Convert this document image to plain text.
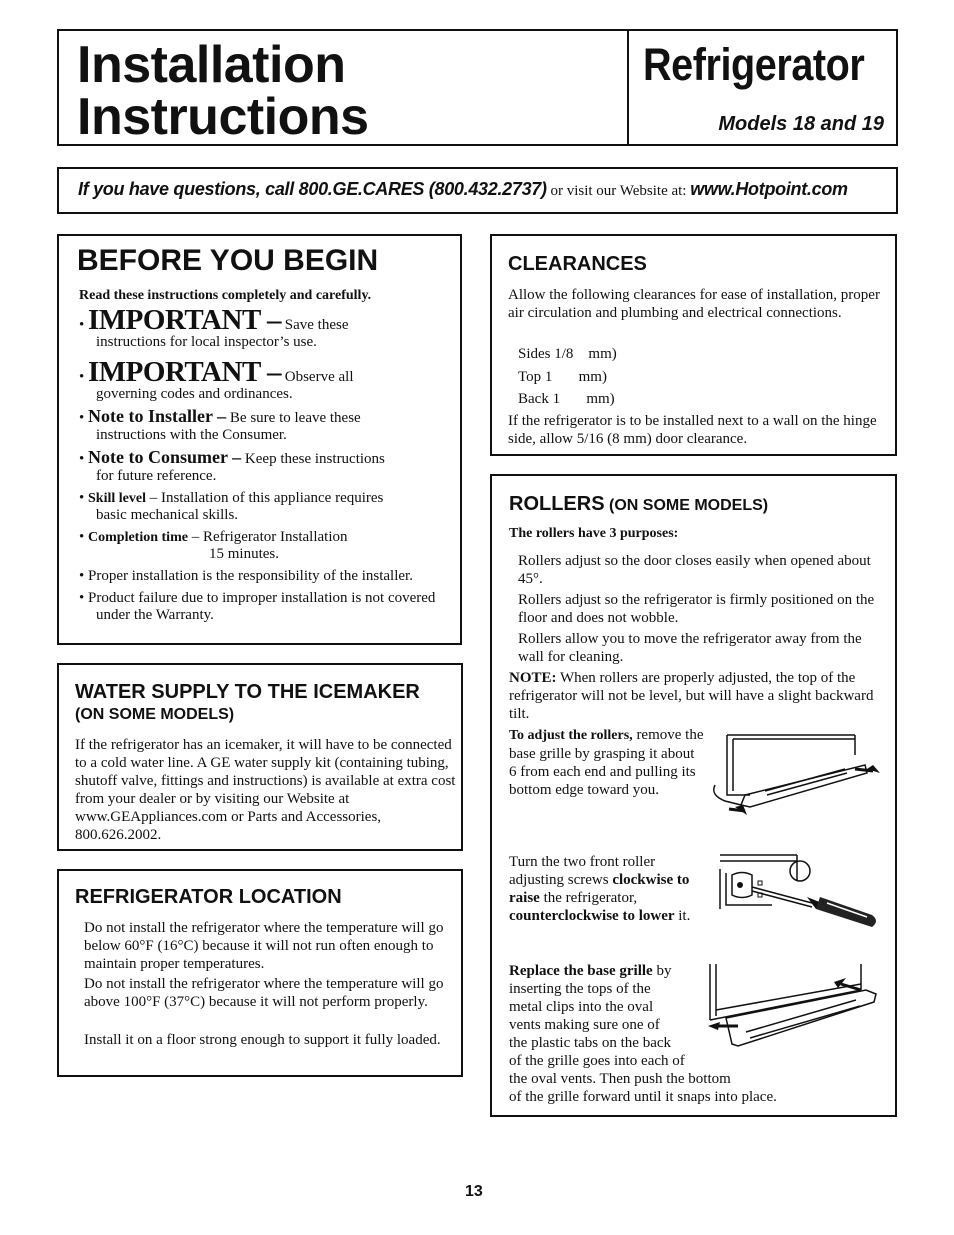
Installation
Instructions
Refrigerator
Models 18 and 19
If you have questions, call 800.GE.CARES (800.432.2737) or visit our Website at: www.Hotpoint.com
BEFORE YOU BEGIN
Read these instructions completely and carefully.
• IMPORTANT – Save these
instructions for local inspector’s use.
• IMPORTANT – Observe all
governing codes and ordinances.
• Note to Installer – Be sure to leave these
instructions with the Consumer.
• Note to Consumer – Keep these instructions
for future reference.
• Skill level – Installation of this appliance requires
basic mechanical skills.
• Completion time – Refrigerator Installation
15 minutes.
• Proper installation is the responsibility of the installer.
• Product failure due to improper installation is not covered under the Warranty.
WATER SUPPLY TO THE ICEMAKER
(ON SOME MODELS)
If the refrigerator has an icemaker, it will have to be connected to a cold water line. A GE water supply kit (containing tubing, shutoff valve, fittings and instructions) is available at extra cost from your dealer or by visiting our Website at www.GEAppliances.com or Parts and Accessories, 800.626.2002.
REFRIGERATOR LOCATION
Do not install the refrigerator where the temperature will go below 60°F (16°C) because it will not run often enough to maintain proper temperatures.
Do not install the refrigerator where the temperature will go above 100°F (37°C) because it will not perform properly.
Install it on a floor strong enough to support it fully loaded.
CLEARANCES
Allow the following clearances for ease of installation, proper air circulation and plumbing and electrical connections.
Sides 1/8    mm)
Top 1       mm)
Back 1       mm)
If the refrigerator is to be installed next to a wall on the hinge side, allow 5/16 (8 mm) door clearance.
ROLLERS (ON SOME MODELS)
The rollers have 3 purposes:
Rollers adjust so the door closes easily when opened about 45°.
Rollers adjust so the refrigerator is firmly positioned on the floor and does not wobble.
Rollers allow you to move the refrigerator away from the wall for cleaning.
NOTE: When rollers are properly adjusted, the top of the refrigerator will not be level, but will have a slight backward tilt.
To adjust the rollers, remove the base grille by grasping it about 6 from each end and pulling its bottom edge toward you.
Turn the two front roller adjusting screws clockwise to raise the refrigerator, counterclockwise to lower it.
Replace the base grille by
inserting the tops of the
metal clips into the oval
vents making sure one of
the plastic tabs on the back
of the grille goes into each of
the oval vents. Then push the bottom
of the grille forward until it snaps into place.
13
